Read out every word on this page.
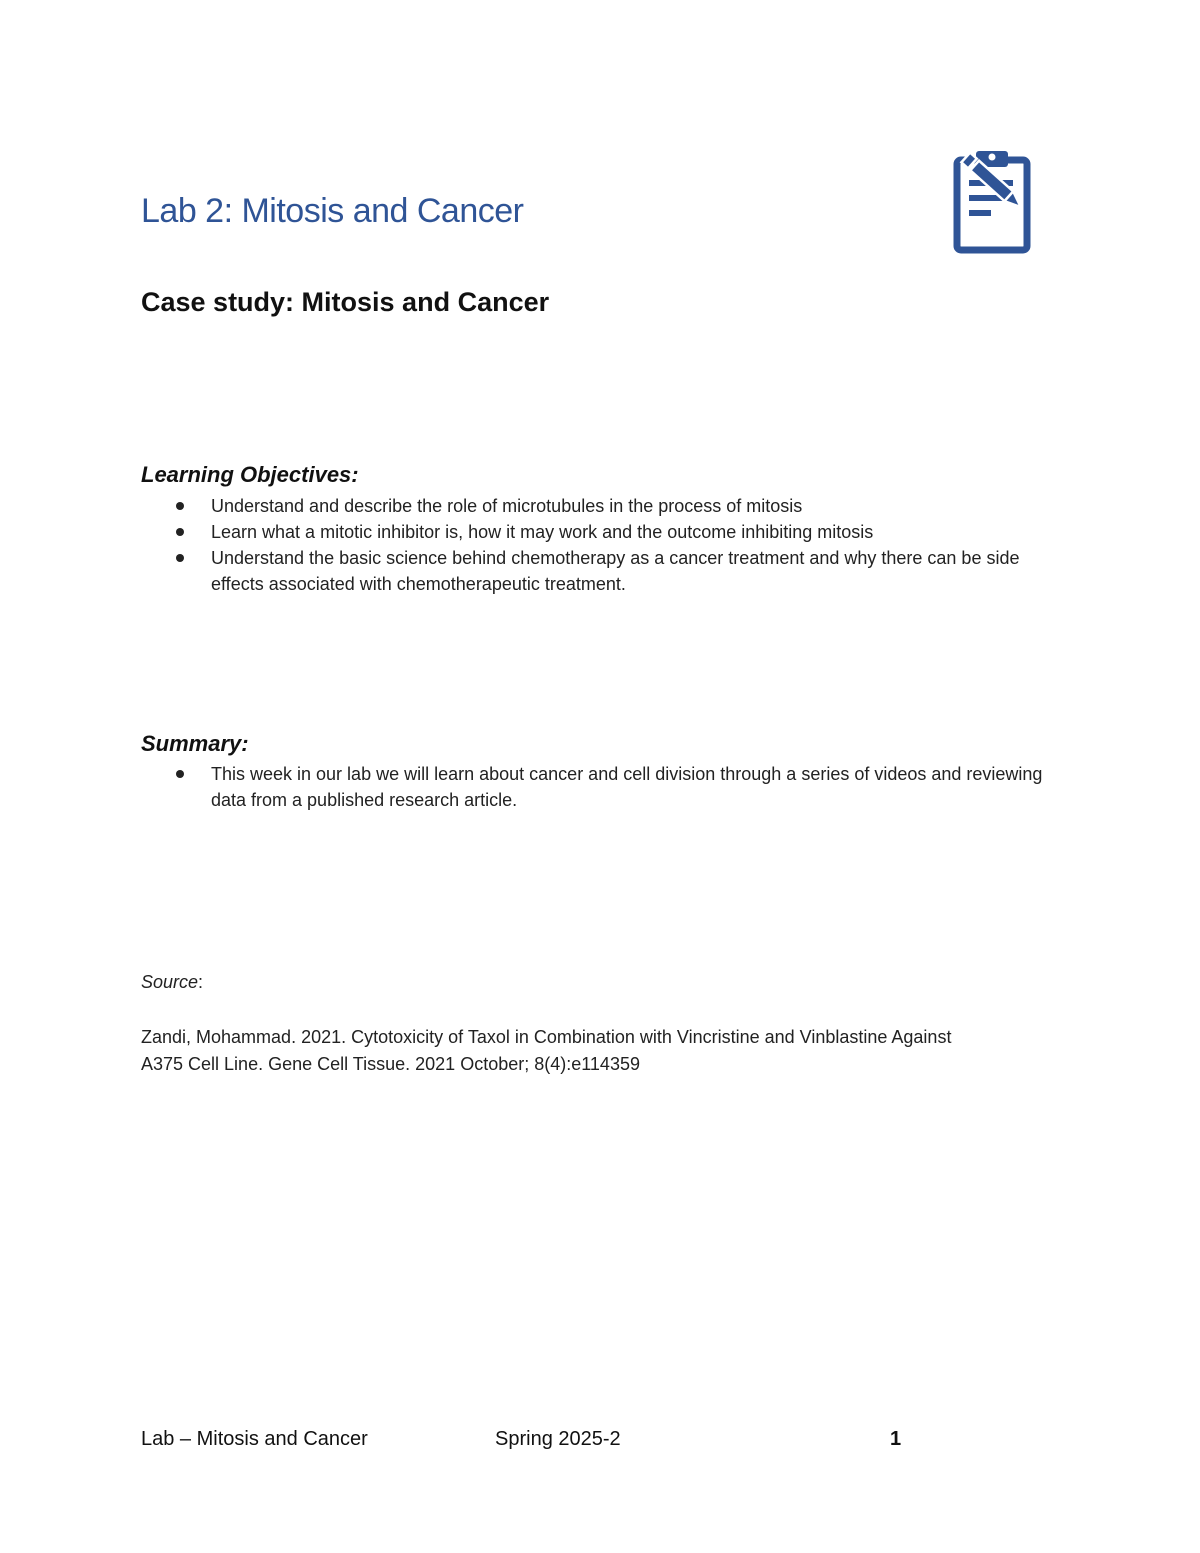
Lab 2: Mitosis and Cancer
Case study: Mitosis and Cancer
Learning Objectives:
Understand and describe the role of microtubules in the process of mitosis
Learn what a mitotic inhibitor is, how it may work and the outcome inhibiting mitosis
Understand the basic science behind chemotherapy as a cancer treatment and why there can be side effects associated with chemotherapeutic treatment.
Summary:
This week in our lab we will learn about cancer and cell division through a series of videos and reviewing data from a published research article.
Source:

Zandi, Mohammad. 2021. Cytotoxicity of Taxol in Combination with Vincristine and Vinblastine Against
A375 Cell Line. Gene Cell Tissue. 2021 October; 8(4):e114359

Lab – Mitosis and Cancer	Spring 2025-2	1
